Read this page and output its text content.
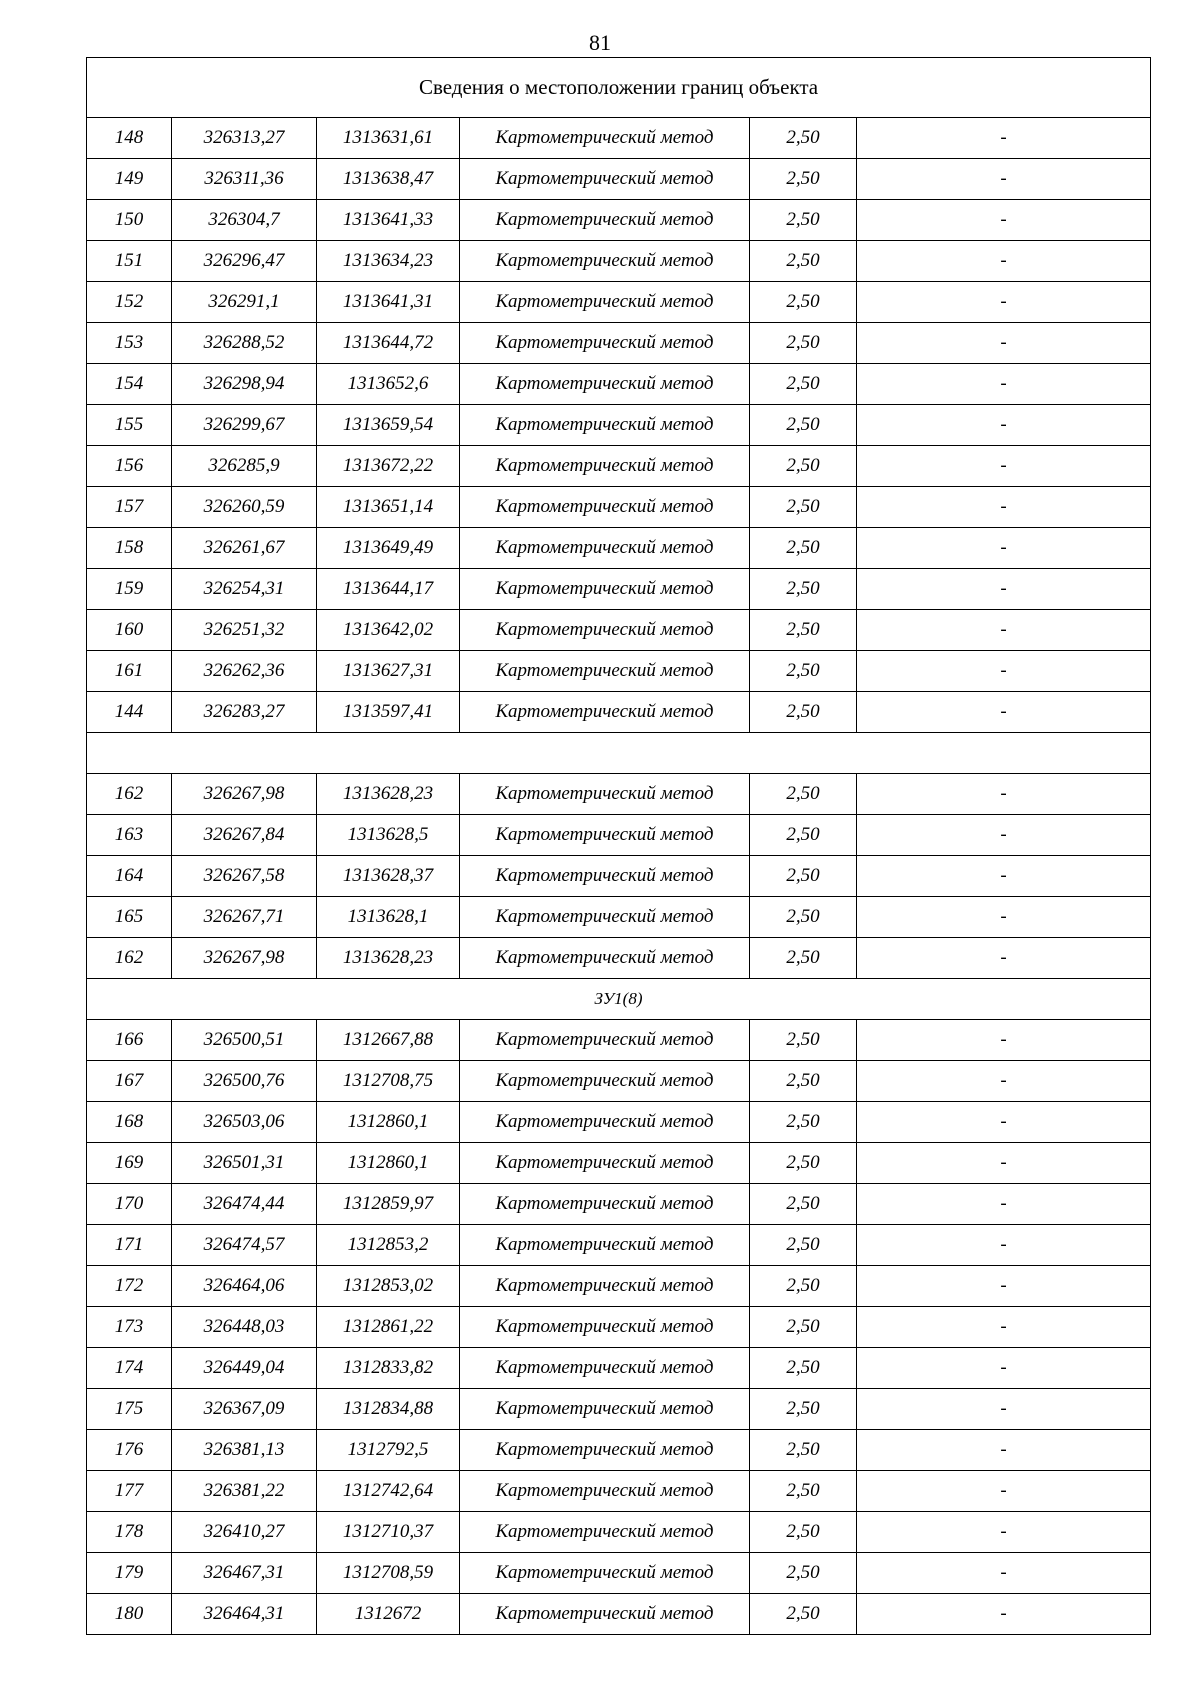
81
Сведения о местоположении границ объекта					
148	326313,27	1313631,61	Картометрический метод	2,50	-
149	326311,36	1313638,47	Картометрический метод	2,50	-
150	326304,7	1313641,33	Картометрический метод	2,50	-
151	326296,47	1313634,23	Картометрический метод	2,50	-
152	326291,1	1313641,31	Картометрический метод	2,50	-
153	326288,52	1313644,72	Картометрический метод	2,50	-
154	326298,94	1313652,6	Картометрический метод	2,50	-
155	326299,67	1313659,54	Картометрический метод	2,50	-
156	326285,9	1313672,22	Картометрический метод	2,50	-
157	326260,59	1313651,14	Картометрический метод	2,50	-
158	326261,67	1313649,49	Картометрический метод	2,50	-
159	326254,31	1313644,17	Картометрический метод	2,50	-
160	326251,32	1313642,02	Картометрический метод	2,50	-
161	326262,36	1313627,31	Картометрический метод	2,50	-
144	326283,27	1313597,41	Картометрический метод	2,50	-

162	326267,98	1313628,23	Картометрический метод	2,50	-
163	326267,84	1313628,5	Картометрический метод	2,50	-
164	326267,58	1313628,37	Картометрический метод	2,50	-
165	326267,71	1313628,1	Картометрический метод	2,50	-
162	326267,98	1313628,23	Картометрический метод	2,50	-
ЗУ1(8)					
166	326500,51	1312667,88	Картометрический метод	2,50	-
167	326500,76	1312708,75	Картометрический метод	2,50	-
168	326503,06	1312860,1	Картометрический метод	2,50	-
169	326501,31	1312860,1	Картометрический метод	2,50	-
170	326474,44	1312859,97	Картометрический метод	2,50	-
171	326474,57	1312853,2	Картометрический метод	2,50	-
172	326464,06	1312853,02	Картометрический метод	2,50	-
173	326448,03	1312861,22	Картометрический метод	2,50	-
174	326449,04	1312833,82	Картометрический метод	2,50	-
175	326367,09	1312834,88	Картометрический метод	2,50	-
176	326381,13	1312792,5	Картометрический метод	2,50	-
177	326381,22	1312742,64	Картометрический метод	2,50	-
178	326410,27	1312710,37	Картометрический метод	2,50	-
179	326467,31	1312708,59	Картометрический метод	2,50	-
180	326464,31	1312672	Картометрический метод	2,50	-
